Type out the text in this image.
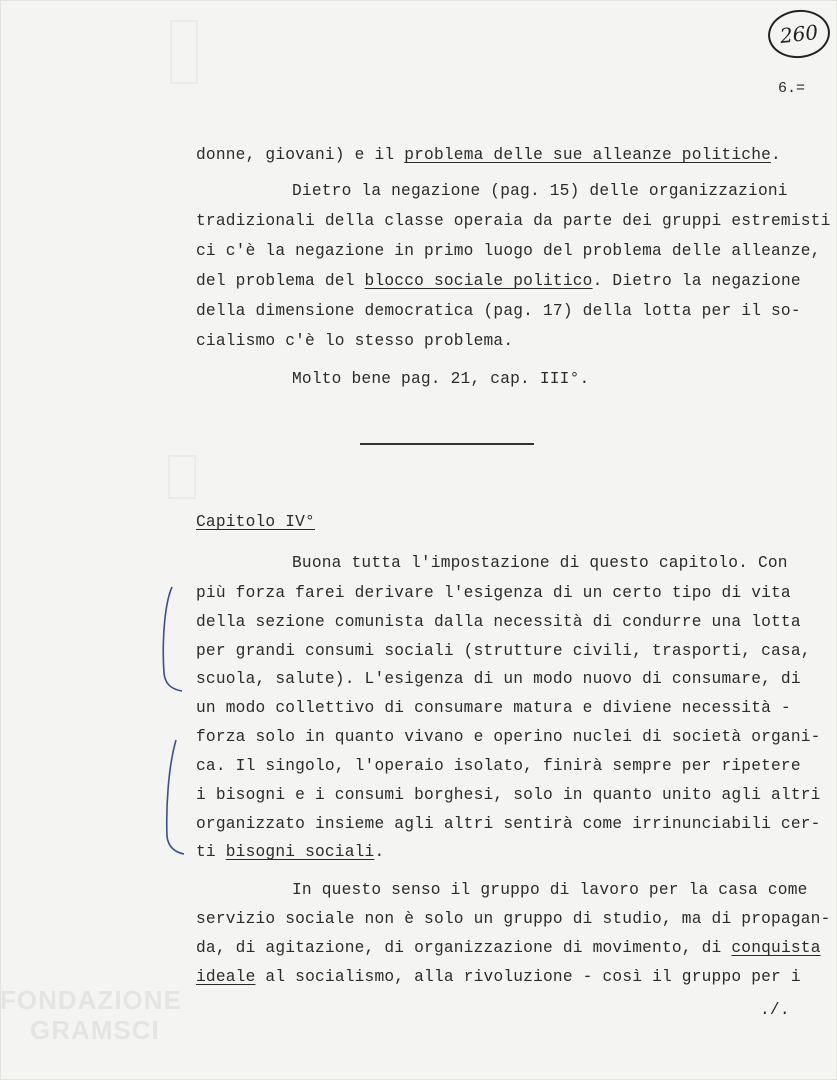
260
6.=
donne, giovani) e il problema delle sue alleanze politiche.
Dietro la negazione (pag. 15) delle organizzazioni
tradizionali della classe operaia da parte dei gruppi estremisti
ci c'è la negazione in primo luogo del problema delle alleanze,
del problema del blocco sociale politico. Dietro la negazione
della dimensione democratica (pag. 17) della lotta per il so-
cialismo c'è lo stesso problema.
Molto bene pag. 21, cap. III°.
Capitolo IV°
Buona tutta l'impostazione di questo capitolo. Con
più forza farei derivare l'esigenza di un certo tipo di vita
della sezione comunista dalla necessità di condurre una lotta
per grandi consumi sociali (strutture civili, trasporti, casa,
scuola, salute). L'esigenza di un modo nuovo di consumare, di
un modo collettivo di consumare matura e diviene necessità -
forza solo in quanto vivano e operino nuclei di società organi-
ca. Il singolo, l'operaio isolato, finirà sempre per ripetere
i bisogni e i consumi borghesi, solo in quanto unito agli altri
organizzato insieme agli altri sentirà come irrinunciabili cer-
ti bisogni sociali.
In questo senso il gruppo di lavoro per la casa come
servizio sociale non è solo un gruppo di studio, ma di propagan-
da, di agitazione, di organizzazione di movimento, di conquista
ideale al socialismo, alla rivoluzione - così il gruppo per i
./.
FONDAZIONE
GRAMSCI
